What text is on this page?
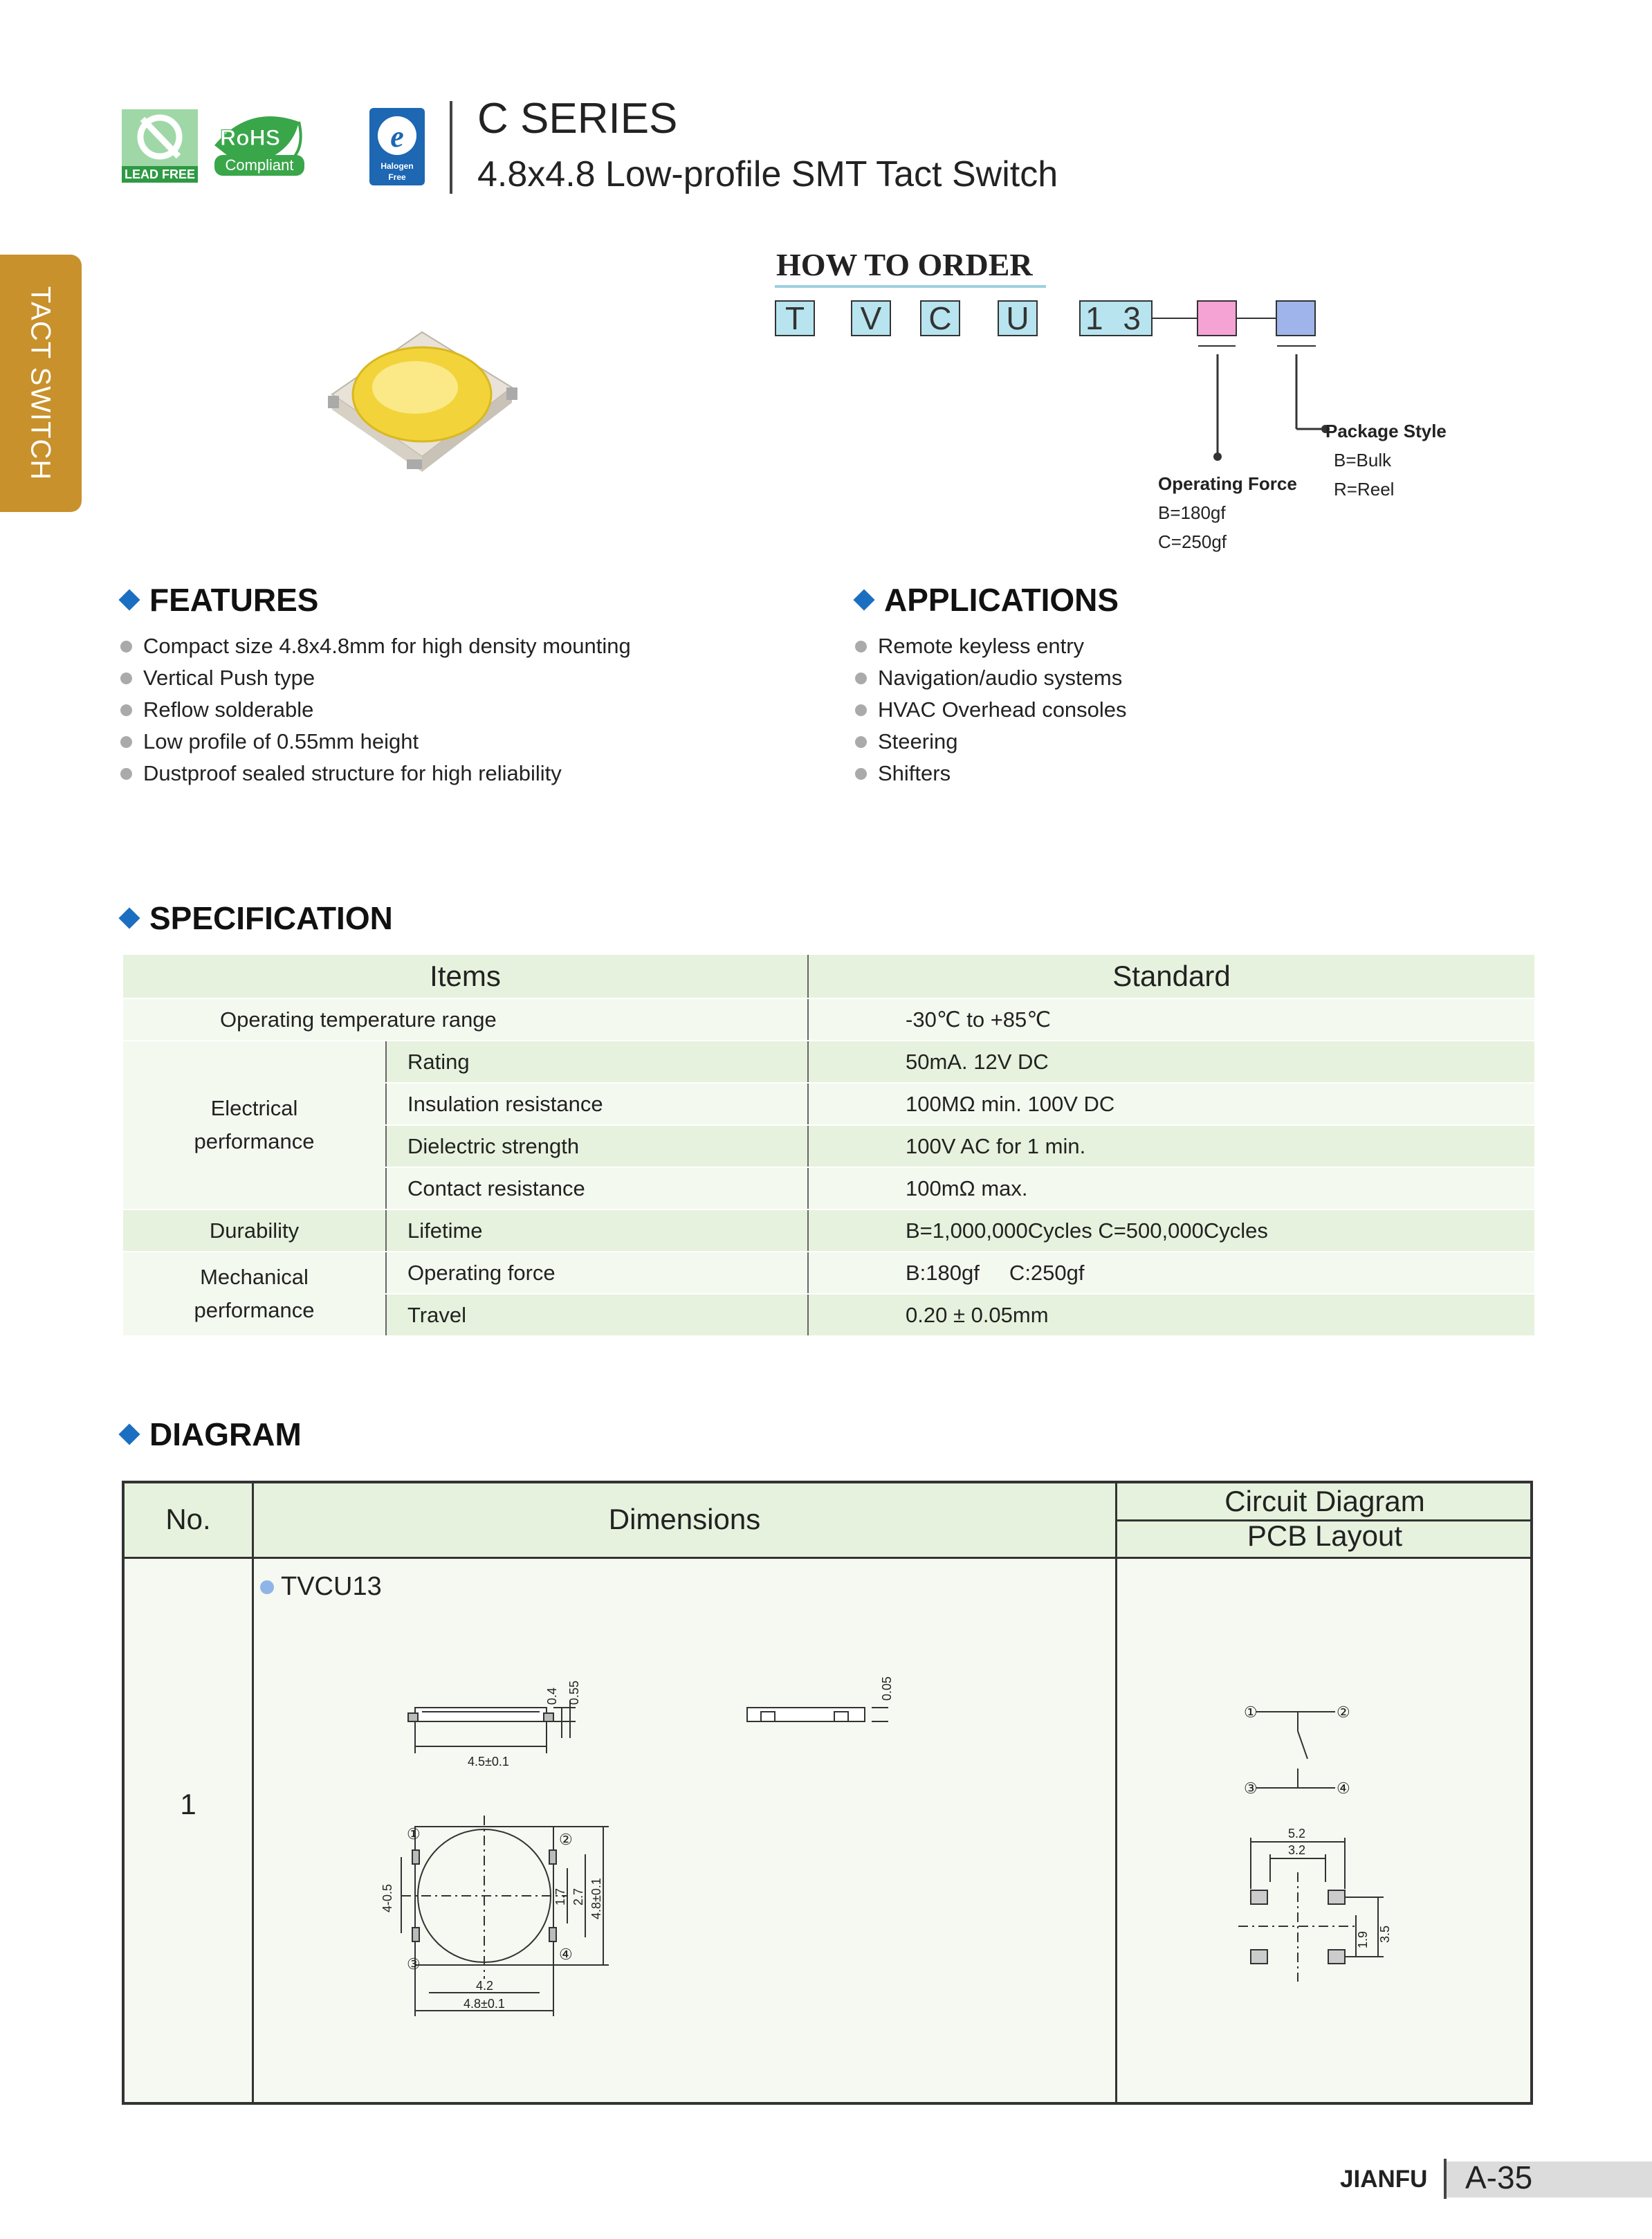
LEAD FREE
RoHS
Compliant
e
Halogen
Free
C SERIES
4.8x4.8 Low-profile SMT Tact Switch
TACT SWITCH
HOW TO ORDER
T	V C U 1 3
Package Style
B=Bulk
R=Reel
Operating Force
B=180gf
C=250gf
FEATURES
Compact size 4.8x4.8mm for high density mounting
Vertical Push type
Reflow solderable
Low profile of 0.55mm height
Dustproof sealed structure for high reliability
APPLICATIONS
Remote keyless entry
Navigation/audio systems
HVAC Overhead consoles
Steering
Shifters
SPECIFICATION
Items		Standard
Operating temperature range		-30℃ to +85℃

Electrical
performance	Rating	50mA. 12V DC
	Insulation resistance	100MΩ min. 100V DC
	Dielectric strength	100V AC for 1 min.
	Contact resistance	100mΩ max.
Durability	Lifetime	B=1,000,000Cycles C=500,000Cycles

Mechanical
performance	Operating force	B:180gf     C:250gf
	Travel	0.20 ± 0.05mm
DIAGRAM
No.	Dimensions
Circuit Diagram
PCB Layout
1
TVCU13
4.5±0.1
0.4 0.55	0.05
①	②
③
④
4.2
4.8±0.1
4-0.5	1.7 2.7 4.8±0.1
①	②
③	④
5.2
3.2
1.9 3.5
JIANFU A-35
